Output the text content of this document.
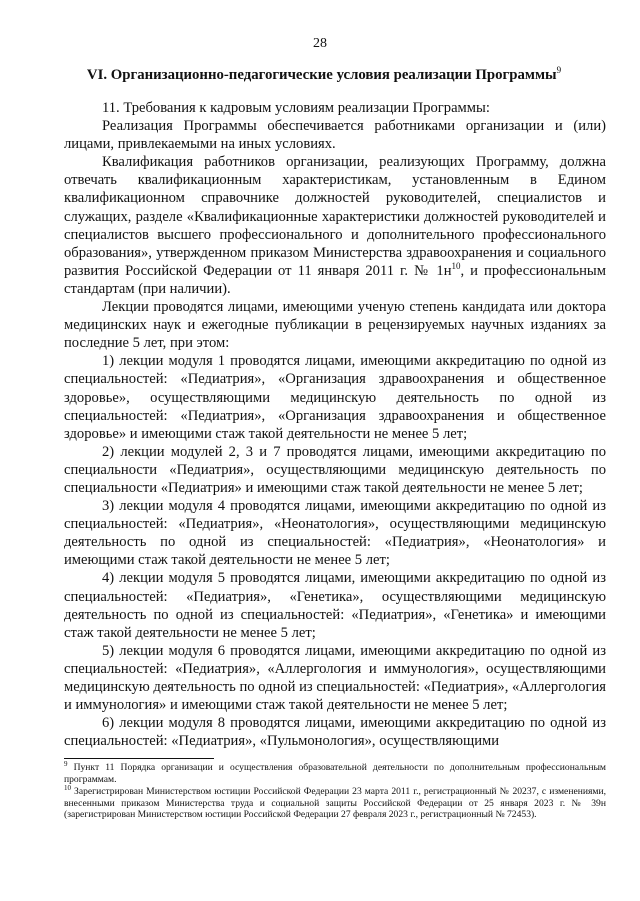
28
VI. Организационно-педагогические условия реализации Программы$^9$

11. Требования к кадровым условиям реализации Программы:

Реализация Программы обеспечивается работниками организации и (или) лицами, привлекаемыми на иных условиях.

Квалификация работников организации, реализующих Программу, должна отвечать квалификационным характеристикам, установленным в Едином квалификационном справочнике должностей руководителей, специалистов и служащих, разделе «Квалификационные характеристики должностей руководителей и специалистов высшего профессионального и дополнительного профессионального образования», утвержденном приказом Министерства здравоохранения и социального развития Российской Федерации от 11 января 2011 г. № $1н^{10}$, и профессиональным стандартам (при наличии).

Лекции проводятся лицами, имеющими ученую степень кандидата или доктора медицинских наук и ежегодные публикации в рецензируемых научных изданиях за последние 5 лет, при этом:

1) лекции модуля 1 проводятся лицами, имеющими аккредитацию по одной из специальностей: «Педиатрия», «Организация здравоохранения и общественное здоровье», осуществляющими медицинскую деятельность по одной из специальностей: «Педиатрия», «Организация здравоохранения и общественное здоровье» и имеющими стаж такой деятельности не менее 5 лет;

2) лекции модулей 2, 3 и 7 проводятся лицами, имеющими аккредитацию по специальности «Педиатрия», осуществляющими медицинскую деятельность по специальности «Педиатрия» и имеющими стаж такой деятельности не менее 5 лет;

3) лекции модуля 4 проводятся лицами, имеющими аккредитацию по одной из специальностей: «Педиатрия», «Неонатология», осуществляющими медицинскую деятельность по одной из специальностей: «Педиатрия», «Неонатология» и имеющими стаж такой деятельности не менее 5 лет;

4) лекции модуля 5 проводятся лицами, имеющими аккредитацию по одной из специальностей: «Педиатрия», «Генетика», осуществляющими медицинскую деятельность по одной из специальностей: «Педиатрия», «Генетика» и имеющими стаж такой деятельности не менее 5 лет;

5) лекции модуля 6 проводятся лицами, имеющими аккредитацию по одной из специальностей: «Педиатрия», «Аллергология и иммунология», осуществляющими медицинскую деятельность по одной из специальностей: «Педиатрия», «Аллергология и иммунология» и имеющими стаж такой деятельности не менее 5 лет;

6) лекции модуля 8 проводятся лицами, имеющими аккредитацию по одной из специальностей: «Педиатрия», «Пульмонология», осуществляющими

$^9$ Пункт 11 Порядка организации и осуществления образовательной деятельности по дополнительным профессиональным программам.

$^{10}$ Зарегистрирован Министерством юстиции Российской Федерации 23 марта 2011 г., регистрационный № 20237, с изменениями, внесенными приказом Министерства труда и социальной защиты Российской Федерации от 25 января 2023 г. № 39н (зарегистрирован Министерством юстиции Российской Федерации 27 февраля 2023 г., регистрационный № 72453).
